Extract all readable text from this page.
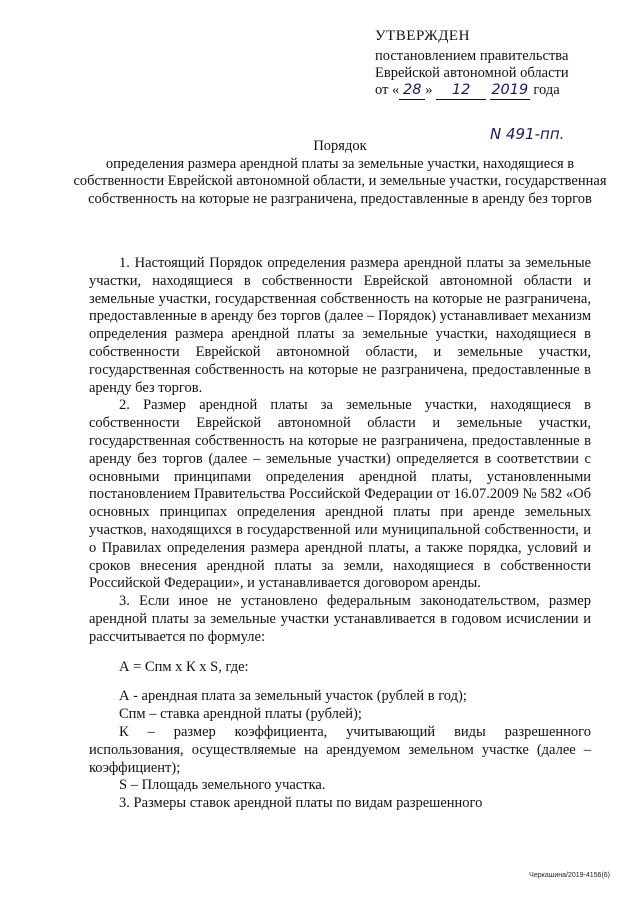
УТВЕРЖДЕН
постановлением правительства
Еврейской автономной области
от « 28 » 12 2019 года
N 491-пп.
Порядок
определения размера арендной платы за земельные участки, находящиеся в собственности Еврейской автономной области, и земельные участки, государственная собственность на которые не разграничена, предоставленные в аренду без торгов

1. Настоящий Порядок определения размера арендной платы за земельные участки, находящиеся в собственности Еврейской автономной области и земельные участки, государственная собственность на которые не разграничена, предоставленные в аренду без торгов (далее – Порядок) устанавливает механизм определения размера арендной платы за земельные участки, находящиеся в собственности Еврейской автономной области, и земельные участки, государственная собственность на которые не разграничена, предоставленные в аренду без торгов.

2. Размер арендной платы за земельные участки, находящиеся в собственности Еврейской автономной области и земельные участки, государственная собственность на которые не разграничена, предоставленные в аренду без торгов (далее – земельные участки) определяется в соответствии с основными принципами определения арендной платы, установленными постановлением Правительства Российской Федерации от 16.07.2009 № 582 «Об основных принципах определения арендной платы при аренде земельных участков, находящихся в государственной или муниципальной собственности, и о Правилах определения размера арендной платы, а также порядка, условий и сроков внесения арендной платы за земли, находящиеся в собственности Российской Федерации», и устанавливается договором аренды.

3. Если иное не установлено федеральным законодательством, размер арендной платы за земельные участки устанавливается в годовом исчислении и рассчитывается по формуле:

А = Спм х К х S, где:

А - арендная плата за земельный участок (рублей в год);

Спм – ставка арендной платы (рублей);

К – размер коэффициента, учитывающий виды разрешенного использования, осуществляемые на арендуемом земельном участке (далее – коэффициент);

S – Площадь земельного участка.

3. Размеры ставок арендной платы по видам разрешенного

Черкашина/2019-4156(6)
